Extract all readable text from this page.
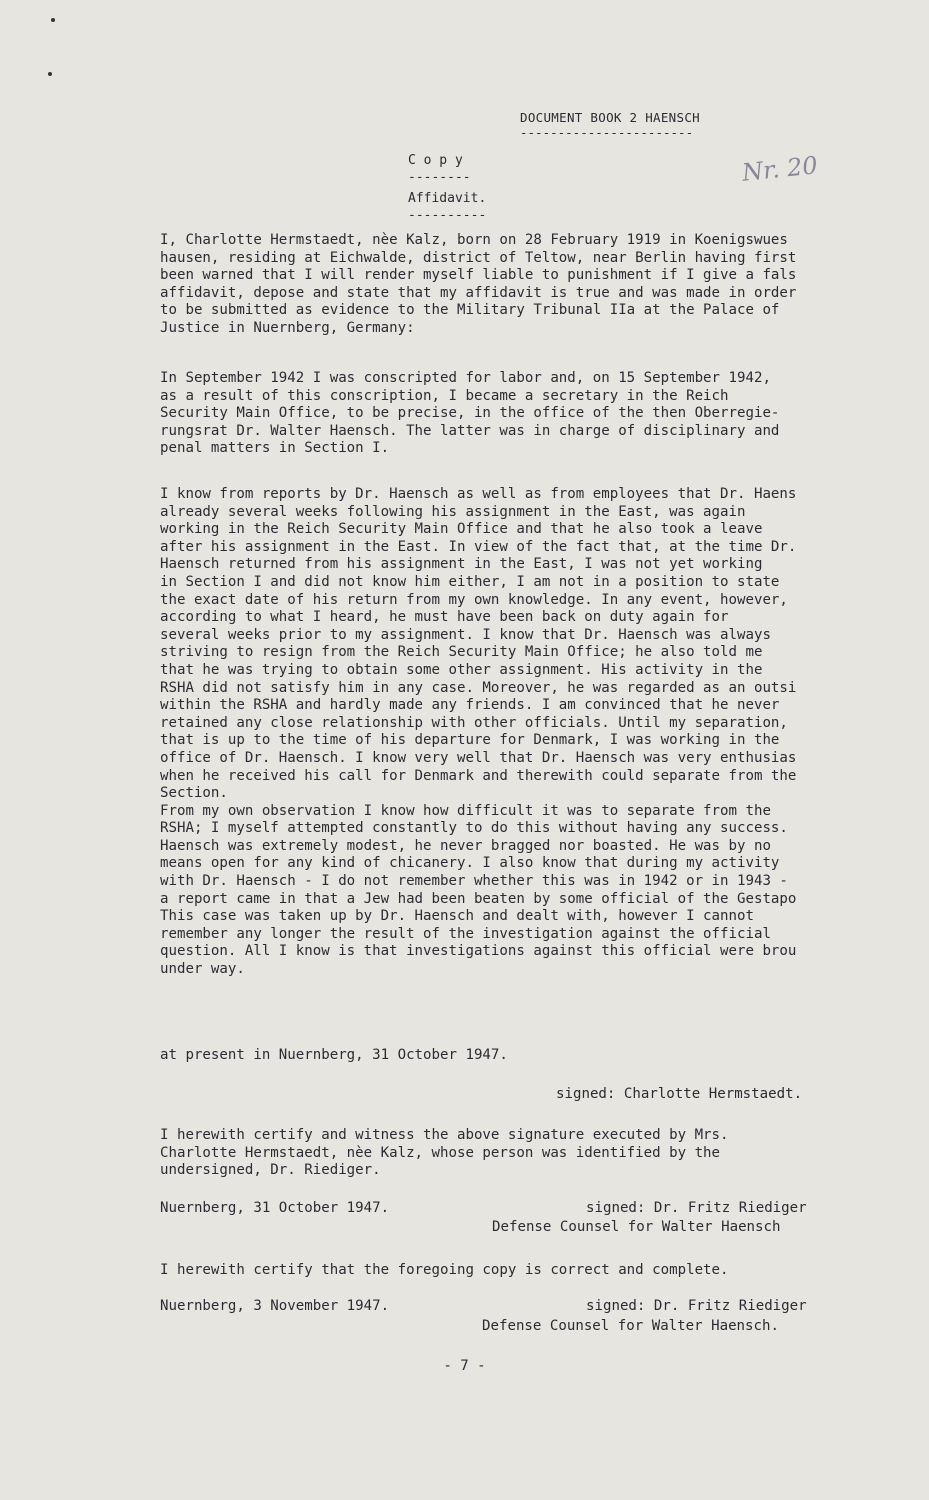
DOCUMENT BOOK 2 HAENSCH
-----------------------
C o p y
--------
Affidavit.
----------
Nr. 20

I, Charlotte Hermstaedt, nèe Kalz, born on 28 February 1919 in Koenigswues
hausen, residing at Eichwalde, district of Teltow, near Berlin having first
been warned that I will render myself liable to punishment if I give a fals
affidavit, depose and state that my affidavit is true and was made in order
to be submitted as evidence to the Military Tribunal IIa at the Palace of
Justice in Nuernberg, Germany:

In September 1942 I was conscripted for labor and, on 15 September 1942,
as a result of this conscription, I became a secretary in the Reich
Security Main Office, to be precise, in the office of the then Oberregie-
rungsrat Dr. Walter Haensch. The latter was in charge of disciplinary and
penal matters in Section I.

I know from reports by Dr. Haensch as well as from employees that Dr. Haens
already several weeks following his assignment in the East, was again
working in the Reich Security Main Office and that he also took a leave
after his assignment in the East. In view of the fact that, at the time Dr.
Haensch returned from his assignment in the East, I was not yet working
in Section I and did not know him either, I am not in a position to state
the exact date of his return from my own knowledge. In any event, however,
according to what I heard, he must have been back on duty again for
several weeks prior to my assignment. I know that Dr. Haensch was always
striving to resign from the Reich Security Main Office; he also told me
that he was trying to obtain some other assignment. His activity in the
RSHA did not satisfy him in any case. Moreover, he was regarded as an outsi
within the RSHA and hardly made any friends. I am convinced that he never
retained any close relationship with other officials. Until my separation,
that is up to the time of his departure for Denmark, I was working in the
office of Dr. Haensch. I know very well that Dr. Haensch was very enthusias
when he received his call for Denmark and therewith could separate from the
Section.
From my own observation I know how difficult it was to separate from the
RSHA; I myself attempted constantly to do this without having any success.
Haensch was extremely modest, he never bragged nor boasted. He was by no
means open for any kind of chicanery. I also know that during my activity
with Dr. Haensch - I do not remember whether this was in 1942 or in 1943 -
a report came in that a Jew had been beaten by some official of the Gestapo
This case was taken up by Dr. Haensch and dealt with, however I cannot
remember any longer the result of the investigation against the official
question. All I know is that investigations against this official were brou
under way.

at present in Nuernberg, 31 October 1947.
signed: Charlotte Hermstaedt.

I herewith certify and witness the above signature executed by Mrs.
Charlotte Hermstaedt, nèe Kalz, whose person was identified by the
undersigned, Dr. Riediger.

Nuernberg, 31 October 1947.	signed: Dr. Fritz Riediger
Defense Counsel for Walter Haensch
I herewith certify that the foregoing copy is correct and complete.
Nuernberg, 3 November 1947.	signed: Dr. Fritz Riediger
Defense Counsel for Walter Haensch.
- 7 -
